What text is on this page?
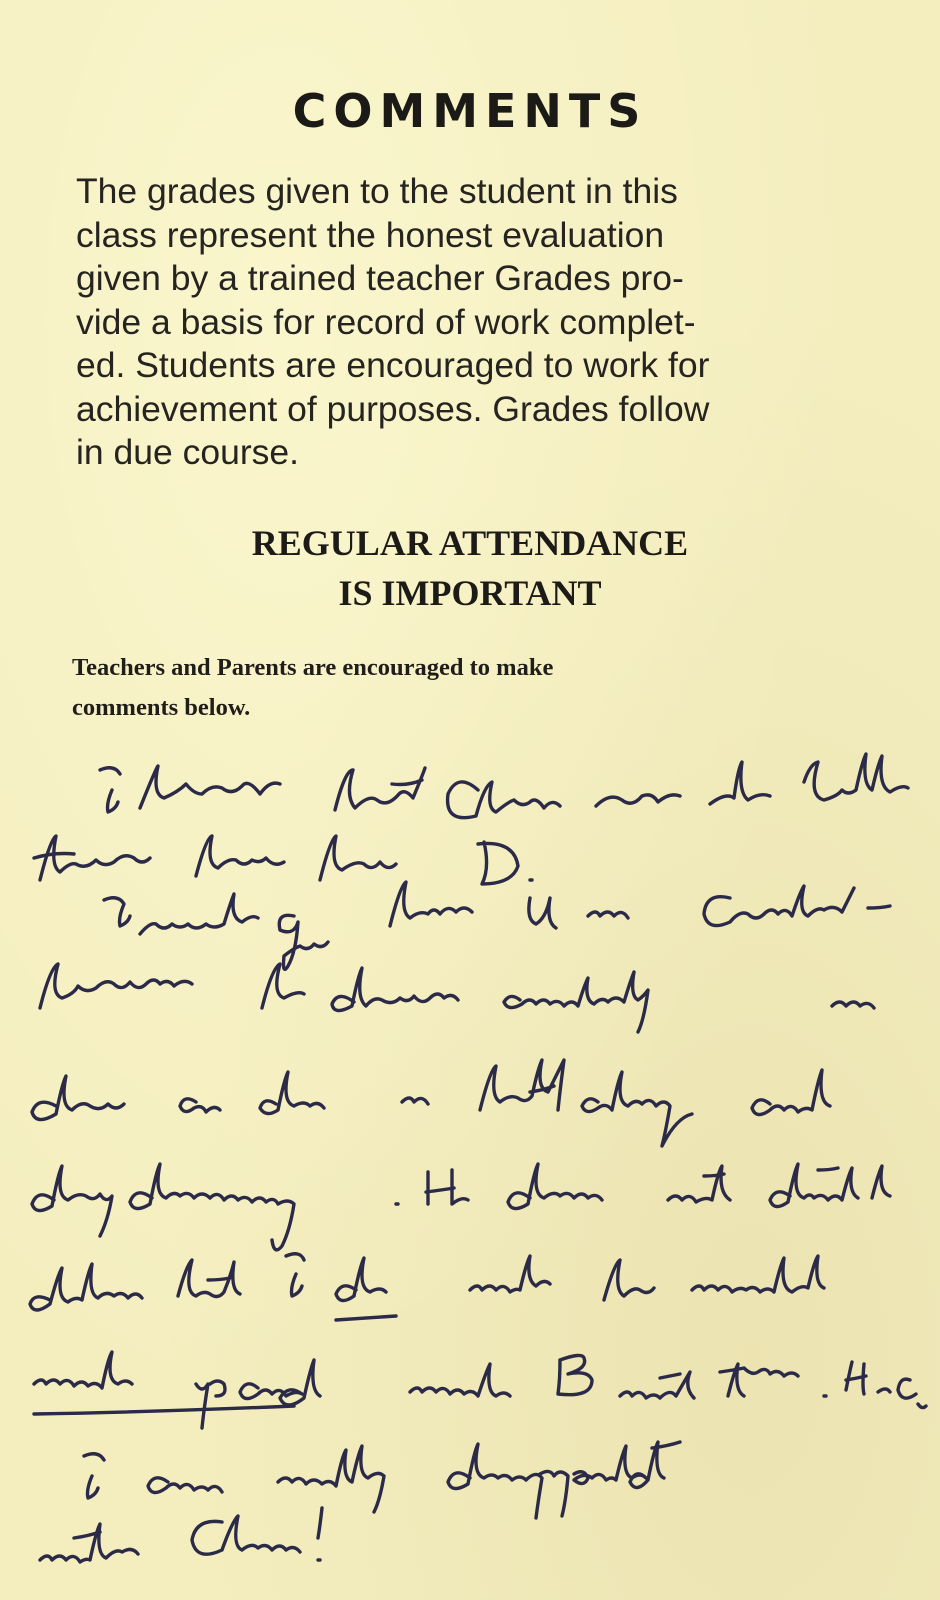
COMMENTS

The grades given to the student in this
class represent the honest evaluation
given by a trained teacher Grades pro-
vide a basis for record of work complet-
ed. Students are encouraged to work for
achievement of purposes. Grades follow
in due course.

REGULAR ATTENDANCE
IS IMPORTANT
Teachers and Parents are encouraged to make
comments below.
I know that Chris can do better
than this low D.
I must give him U in Conduct
because he draws constantly in
class or else is half asleep and
day dreaming. He does not disturb
others but I do wish he would
wake up and make B next time. H.C.
I am really disappointed
with Chris!
